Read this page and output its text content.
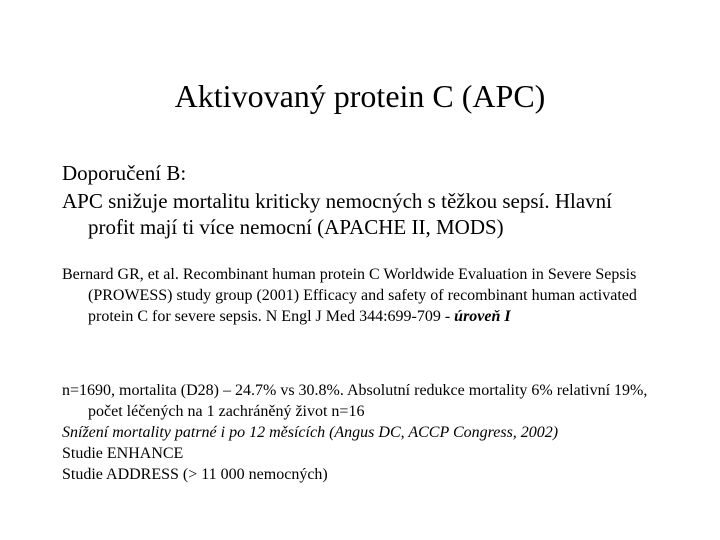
Aktivovaný protein C (APC)
Doporučení B:
APC snižuje mortalitu kriticky nemocných s těžkou sepsí. Hlavní profit mají ti více nemocní (APACHE II, MODS)
Bernard GR, et al. Recombinant human protein C Worldwide Evaluation in Severe Sepsis (PROWESS) study group (2001) Efficacy and safety of recombinant human activated protein C for severe sepsis. N Engl J Med 344:699-709 - úroveň I

n=1690, mortalita (D28) – 24.7% vs 30.8%. Absolutní redukce mortality 6% relativní 19%, počet léčených na 1 zachráněný život n=16

Snížení mortality patrné i po 12 měsících (Angus DC, ACCP Congress, 2002)

Studie ENHANCE

Studie ADDRESS (> 11 000 nemocných)
